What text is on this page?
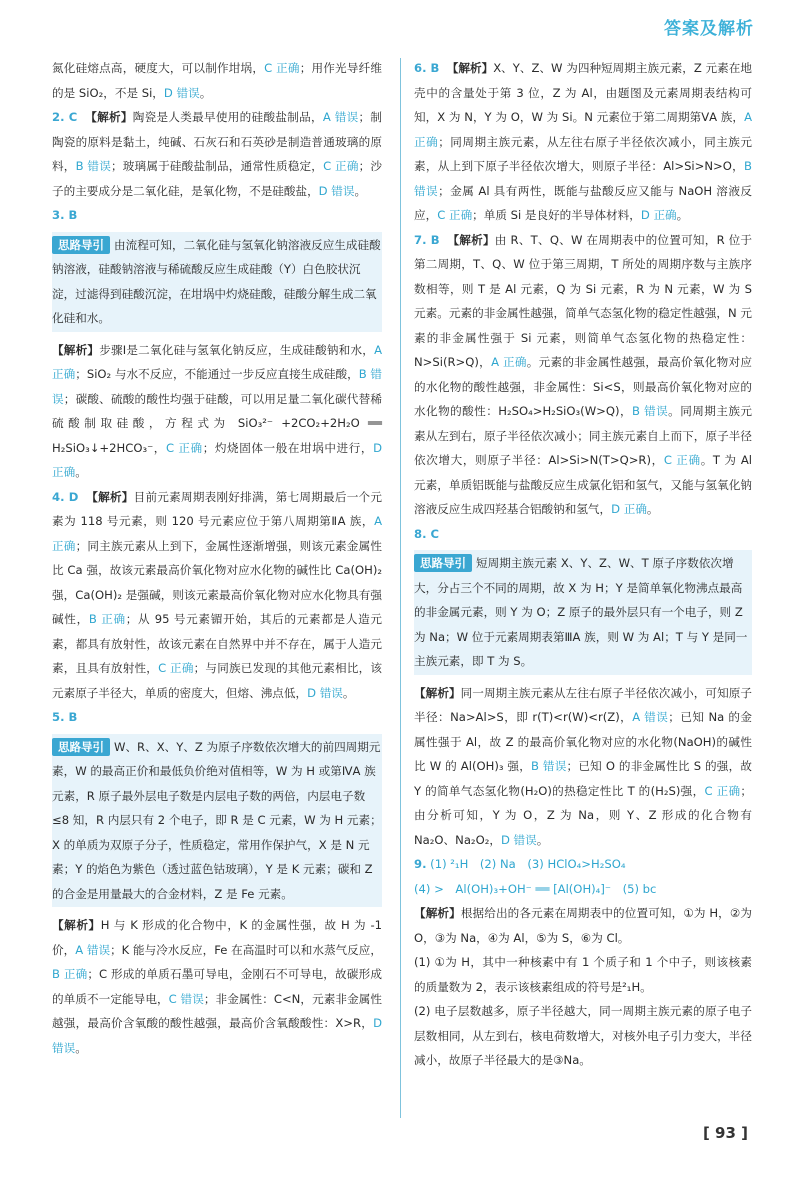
答案及解析

氮化硅熔点高，硬度大，可以制作坩埚，C 正确；用作光导纤维的是 SiO₂，不是 Si，D 错误。

2. C 【解析】陶瓷是人类最早使用的硅酸盐制品，A 错误；制陶瓷的原料是黏土，纯碱、石灰石和石英砂是制造普通玻璃的原料，B 错误；玻璃属于硅酸盐制品，通常性质稳定，C 正确；沙子的主要成分是二氧化硅，是氧化物，不是硅酸盐，D 错误。

3. B

思路导引 由流程可知，二氧化硅与氢氧化钠溶液反应生成硅酸钠溶液，硅酸钠溶液与稀硫酸反应生成硅酸（Y）白色胶状沉淀，过滤得到硅酸沉淀，在坩埚中灼烧硅酸，硅酸分解生成二氧化硅和水。

【解析】步骤Ⅰ是二氧化硅与氢氧化钠反应，生成硅酸钠和水，A 正确；SiO₂ 与水不反应，不能通过一步反应直接生成硅酸，B 错误；碳酸、硫酸的酸性均强于硅酸，可以用足量二氧化碳代替稀硫酸制取硅酸，方程式为 SiO₃²⁻ +2CO₂+2H₂O ══ H₂SiO₃↓+2HCO₃⁻，C 正确；灼烧固体一般在坩埚中进行，D 正确。

4. D 【解析】目前元素周期表刚好排满，第七周期最后一个元素为 118 号元素，则 120 号元素应位于第八周期第ⅡA 族，A 正确；同主族元素从上到下，金属性逐渐增强，则该元素金属性比 Ca 强，故该元素最高价氧化物对应水化物的碱性比 Ca(OH)₂ 强，Ca(OH)₂ 是强碱，则该元素最高价氧化物对应水化物具有强碱性，B 正确；从 95 号元素镅开始，其后的元素都是人造元素，都具有放射性，故该元素在自然界中并不存在，属于人造元素，且具有放射性，C 正确；与同族已发现的其他元素相比，该元素原子半径大，单质的密度大，但熔、沸点低，D 错误。

5. B

思路导引 W、R、X、Y、Z 为原子序数依次增大的前四周期元素，W 的最高正价和最低负价绝对值相等，W 为 H 或第ⅣA 族元素，R 原子最外层电子数是内层电子数的两倍，内层电子数≤8 知，R 内层只有 2 个电子，即 R 是 C 元素，W 为 H 元素；X 的单质为双原子分子，性质稳定，常用作保护气，X 是 N 元素；Y 的焰色为紫色（透过蓝色钴玻璃），Y 是 K 元素；碳和 Z 的合金是用量最大的合金材料，Z 是 Fe 元素。

【解析】H 与 K 形成的化合物中，K 的金属性强，故 H 为 -1 价，A 错误；K 能与冷水反应，Fe 在高温时可以和水蒸气反应，B 正确；C 形成的单质石墨可导电，金刚石不可导电，故碳形成的单质不一定能导电，C 错误；非金属性：C<N，元素非金属性越强，最高价含氧酸的酸性越强，最高价含氧酸酸性：X>R，D 错误。

6. B 【解析】X、Y、Z、W 为四种短周期主族元素，Z 元素在地壳中的含量处于第 3 位，Z 为 Al，由题图及元素周期表结构可知，X 为 N，Y 为 O，W 为 Si。N 元素位于第二周期第ⅤA 族，A 正确；同周期主族元素，从左往右原子半径依次减小，同主族元素，从上到下原子半径依次增大，则原子半径：Al>Si>N>O，B 错误；金属 Al 具有两性，既能与盐酸反应又能与 NaOH 溶液反应，C 正确；单质 Si 是良好的半导体材料，D 正确。

7. B 【解析】由 R、T、Q、W 在周期表中的位置可知，R 位于第二周期，T、Q、W 位于第三周期，T 所处的周期序数与主族序数相等，则 T 是 Al 元素，Q 为 Si 元素，R 为 N 元素，W 为 S 元素。元素的非金属性越强，简单气态氢化物的稳定性越强，N 元素的非金属性强于 Si 元素，则简单气态氢化物的热稳定性：N>Si(R>Q)，A 正确。元素的非金属性越强，最高价氧化物对应的水化物的酸性越强，非金属性：Si<S，则最高价氧化物对应的水化物的酸性：H₂SO₄>H₂SiO₃(W>Q)，B 错误。同周期主族元素从左到右，原子半径依次减小；同主族元素自上而下，原子半径依次增大，则原子半径：Al>Si>N(T>Q>R)，C 正确。T 为 Al 元素，单质铝既能与盐酸反应生成氯化铝和氢气，又能与氢氧化钠溶液反应生成四羟基合铝酸钠和氢气，D 正确。

8. C

思路导引 短周期主族元素 X、Y、Z、W、T 原子序数依次增大，分占三个不同的周期，故 X 为 H；Y 是简单氧化物沸点最高的非金属元素，则 Y 为 O；Z 原子的最外层只有一个电子，则 Z 为 Na；W 位于元素周期表第ⅢA 族，则 W 为 Al；T 与 Y 是同一主族元素，即 T 为 S。

【解析】同一周期主族元素从左往右原子半径依次减小，可知原子半径：Na>Al>S，即 r(T)<r(W)<r(Z)，A 错误；已知 Na 的金属性强于 Al，故 Z 的最高价氧化物对应的水化物(NaOH)的碱性比 W 的 Al(OH)₃ 强，B 错误；已知 O 的非金属性比 S 的强，故 Y 的简单气态氢化物(H₂O)的热稳定性比 T 的(H₂S)强，C 正确；由分析可知，Y 为 O，Z 为 Na，则 Y、Z 形成的化合物有 Na₂O、Na₂O₂，D 错误。

9. (1) ²₁H　(2) Na　(3) HClO₄>H₂SO₄

(4) >　Al(OH)₃+OH⁻ ══ [Al(OH)₄]⁻　(5) bc

【解析】根据给出的各元素在周期表中的位置可知，①为 H，②为 O，③为 Na，④为 Al，⑤为 S，⑥为 Cl。

(1) ①为 H，其中一种核素中有 1 个质子和 1 个中子，则该核素的质量数为 2，表示该核素组成的符号是²₁H。

(2) 电子层数越多，原子半径越大，同一周期主族元素的原子电子层数相同，从左到右，核电荷数增大，对核外电子引力变大，半径减小，故原子半径最大的是③Na。

[ 93 ]
